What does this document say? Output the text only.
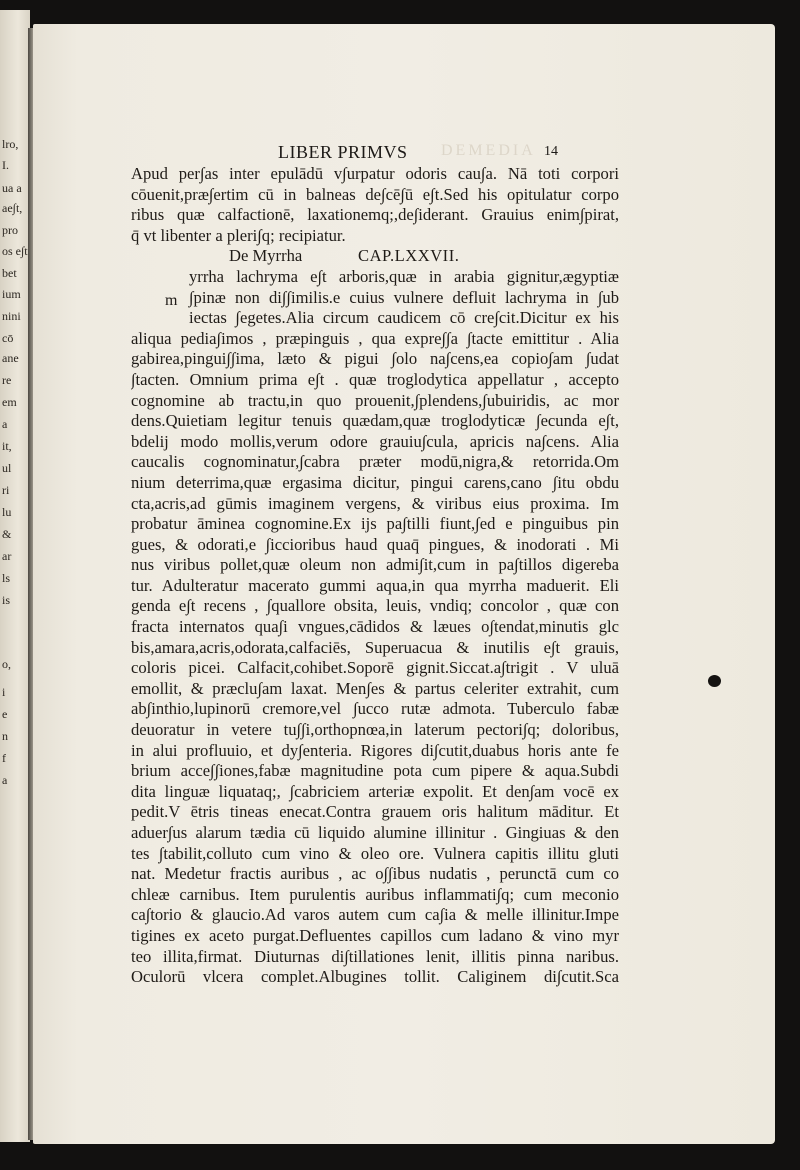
lro,
I.
ua a
ae∫t,
pro
os e∫t
bet
ium
nini
cō
ane
re
em
a
it,
ul
ri
lu
&
ar
ls
is
o,
i
e
n
f
a
DEMEDIA
LIBER PRIMVS	14
Apud per∫as inter epulādū v∫urpatur odoris cau∫a. Nā toti corpori
cōuenit,præ∫ertim cū in balneas de∫cē∫ū e∫t.Sed his opitulatur corpo
ribus quæ calfactionē, laxationemq;,de∫iderant. Grauius enim∫pirat,
q̄ vt libenter a pleri∫q; recipiatur.
De Myrrha	CAP.LXXVII.
yrrha lachryma e∫t arboris,quæ in arabia gignitur,ægyptiæ
∫pinæ non di∫∫imilis.e cuius vulnere defluit lachryma in ∫ub
iectas ∫egetes.Alia circum caudicem cō cre∫cit.Dicitur ex his
aliqua pedia∫imos , præpinguis , qua expre∫∫a ∫tacte emittitur . Alia
gabirea,pingui∫∫ima, læto & pigui ∫olo na∫cens,ea copio∫am ∫udat
∫tacten. Omnium prima e∫t . quæ troglodytica appellatur , accepto
cognomine ab tractu,in quo prouenit,∫plendens,∫ubuiridis, ac mor
dens.Quietiam legitur tenuis quædam,quæ troglodyticæ ∫ecunda e∫t,
bdelij modo mollis,verum odore grauiu∫cula, apricis na∫cens. Alia
caucalis cognominatur,∫cabra præter modū,nigra,& retorrida.Om
nium deterrima,quæ ergasima dicitur, pingui carens,cano ∫itu obdu
cta,acris,ad gūmis imaginem vergens, & viribus eius proxima. Im
probatur āminea cognomine.Ex ijs pa∫tilli fiunt,∫ed e pinguibus pin
gues, & odorati,e ∫iccioribus haud quaq̄ pingues, & inodorati . Mi
nus viribus pollet,quæ oleum non admi∫it,cum in pa∫tillos digereba
tur. Adulteratur macerato gummi aqua,in qua myrrha maduerit. Eli
genda e∫t recens , ∫quallore obsita, leuis, vndiq; concolor , quæ con
fracta internatos qua∫i vngues,cādidos & læues o∫tendat,minutis glc
bis,amara,acris,odorata,calfaciēs, Superuacua & inutilis e∫t grauis,
coloris picei. Calfacit,cohibet.Soporē gignit.Siccat.a∫trigit . V uluā
emollit, & præclu∫am laxat. Men∫es & partus celeriter extrahit, cum
ab∫inthio,lupinorū cremore,vel ∫ucco rutæ admota. Tuberculo fabæ
deuoratur in vetere tu∫∫i,orthopnœa,in laterum pectori∫q; doloribus,
in alui profluuio, et dy∫enteria. Rigores di∫cutit,duabus horis ante fe
brium acce∫∫iones,fabæ magnitudine pota cum pipere & aqua.Subdi
dita linguæ liquataq;, ∫cabriciem arteriæ expolit. Et den∫am vocē ex
pedit.V ētris tineas enecat.Contra grauem oris halitum māditur. Et
aduer∫us alarum tædia cū liquido alumine illinitur . Gingiuas & den
tes ∫tabilit,colluto cum vino & oleo ore. Vulnera capitis illitu gluti
nat. Medetur fractis auribus , ac o∫∫ibus nudatis , perunctā cum co
chleæ carnibus. Item purulentis auribus inflammati∫q; cum meconio
ca∫torio & glaucio.Ad varos autem cum ca∫ia & melle illinitur.Impe
tigines ex aceto purgat.Defluentes capillos cum ladano & vino myr
teo illita,firmat. Diuturnas di∫tillationes lenit, illitis pinna naribus.
Oculorū vlcera complet.Albugines tollit. Caliginem di∫cutit.Sca
m
